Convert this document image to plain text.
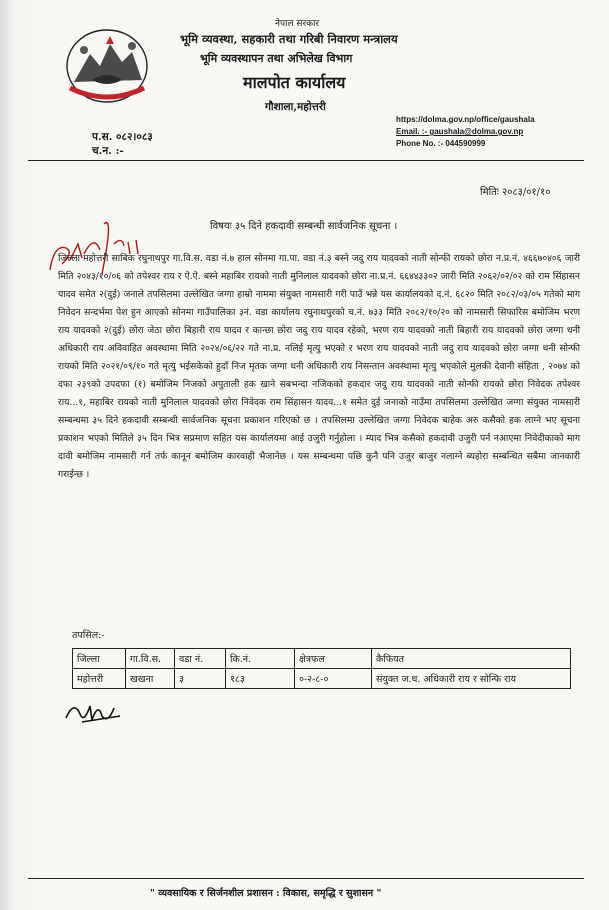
नेपाल सरकार
भूमि व्यवस्था, सहकारी तथा गरिबी निवारण मन्त्रालय
भूमि व्यवस्थापन तथा अभिलेख विभाग
मालपोत कार्यालय
गौशाला,महोत्तरी
https://dolma.gov.np/office/gaushala
Email. :- gaushala@dolma.gov.np
Phone No. :- 044590999
प.स. ०८२।०८३
च.न. :-
मितिः २०८३/०१/१०
विषयः ३५ दिने हकदावी सम्बन्धी सार्वजनिक सूचना ।
जिल्ला महोत्तरी साबिक रघुनाथपुर गा.वि.स. वडा नं.७ हाल सोनमा गा.पा. वडा नं.३ बस्ने जदु राय यादवको नाती सोन्फी रायको छोरा न.प्र.नं. ४६६७०४०६ जारी मिति २०४३/१०/०६ को तपेश्वर राय र ऐ.ऐ. बस्ने महाबिर रायको नाती मुनिलाल यादवको छोरा ना.प्र.नं. ६६४४३३०२ जारी मिति २०६२/०२/०२ को राम सिंहासन यादव समेत २(दुई) जनाले तपसिलमा उल्लेखित जग्गा हाम्रो नाममा संयुक्त नामसारी गरी पाउँ भन्ने यस कार्यालयको द.नं. ६८२० मिति २०८२/०३/०५ गतेको माग निवेदन सन्दर्भमा पेश हुन आएको सोनमा गाउँपालिका ३नं. वडा कार्यालय रघुनाथपुरको च.नं. ७३३ मिति २०८२/१०/२० को नामसारी सिफारिस बमोजिम भरण राय यादवको २(दुई) छोरा जेठा छोरा बिहारी राय यादव र कान्छा छोरा जदु राय यादव रहेको, भरण राय यादवको नाती बिहारी राय यादवको छोरा जग्गा धनी अधिकारी राय अविवाहित अवस्थामा मिति २०२४/०६/२२ गते ना.प्र. नलिई मृत्यु भएको र भरण राय यादवको नाती जदु राय यादवको छोरा जग्गा धनी सोन्फी रायको मिति २०२१/०९/१० गते मृत्यु भईसकेको हुदाँ निज मृतक जग्गा धनी अधिकारी राय निसन्तान अवस्थामा मृत्यु भएकोले मुलकी देवानी संहिता , २०७४ को दफा २३९को उपदफा (१) बमोजिम निजको अपुतालीे हक खाने सबभन्दा नजिकको हकदार जदु राय यादवको नाती सोन्फी रायको छोरा निवेदक तपेश्वर राय...१, महाबिर रायको नाती मुनिलाल यादवको छोरा निवेदक राम सिंहासन यादव...१ समेत दुई जनाको नाउँमा तपसिलमा उल्लेखित जग्गा संयुक्त नामसारी सम्बन्धमा ३५ दिने हकदावी सम्बन्धी सार्वजनिक सूचना प्रकाशन गरिएको छ । तपसिलमा उल्लेखित जग्गा निवेदक बाहेक अरु कसैको हक लाग्ने भए सूचना प्रकाशन भएको मितिले ३५ दिन भित्र सप्रमाण सहित यस कार्यालयमा आई उजुरी गर्नुहोला । म्याद भित्र कसैको हकदावी उजुरी पर्न नआएमा निवेदीकाको माग दावी बमोजिम नामसारी गर्न तर्फ कानून बमोजिम कारवाही भैजानेछ । यस सम्बन्धमा पछि कुनै पनि उजुर बाजुर नलाग्ने ब्यहोरा सम्बन्धित सबैमा जानकारी गराईन्छ ।
तपसिल:-
जिल्ला	गा.वि.स.	वडा नं.	कि.नं.	क्षेत्रफल	कैफियत
महोत्तरी	खखना	३	१८३	०-२-८-०	संयुक्त ज.ध. अधिकारी राय र सोन्फि राय
" व्यवसायिक र सिर्जनशील प्रशासन : विकास, समृद्धि र सुशासन "
